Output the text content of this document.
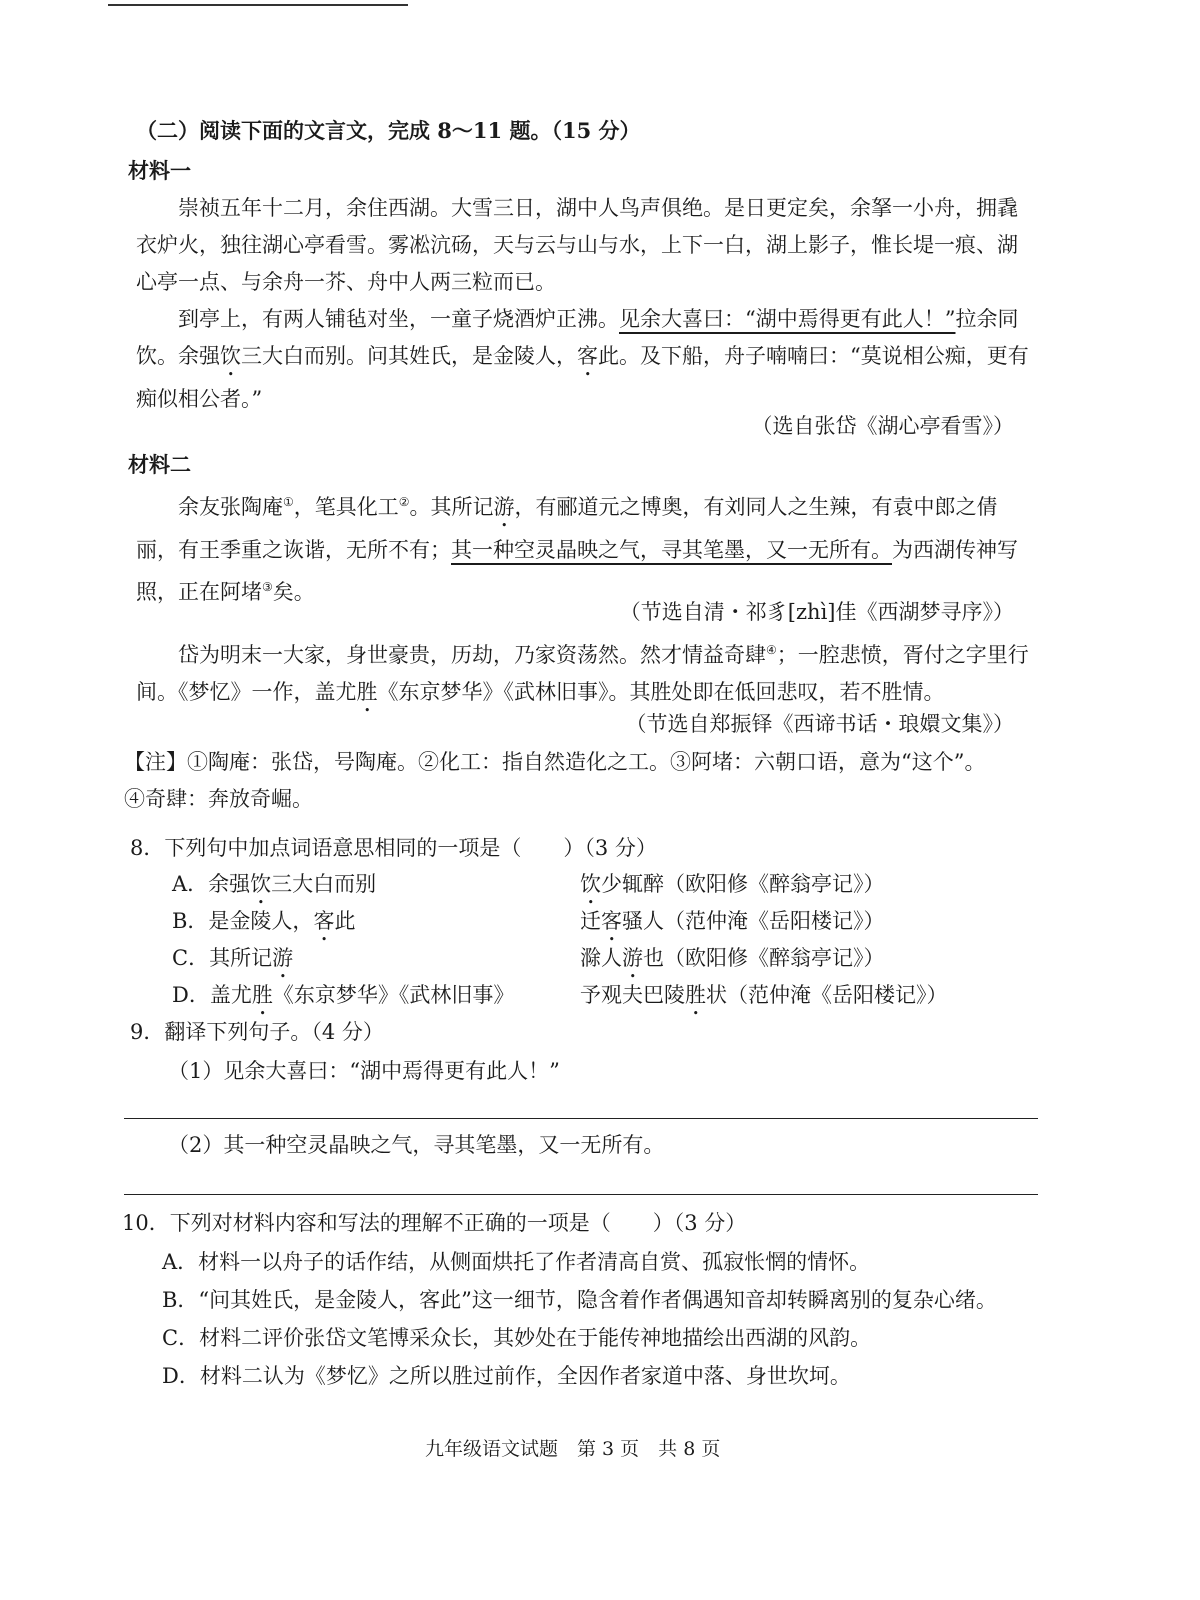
（二）阅读下面的文言文，完成 8～11 题。（15 分）
材料一
崇祯五年十二月，余住西湖。大雪三日，湖中人鸟声俱绝。是日更定矣，余拏一小舟，拥毳衣炉火，独往湖心亭看雪。雾凇沆砀，天与云与山与水，上下一白，湖上影子，惟长堤一痕、湖心亭一点、与余舟一芥、舟中人两三粒而已。
到亭上，有两人铺毡对坐，一童子烧酒炉正沸。见余大喜曰：“湖中焉得更有此人！”拉余同饮。余强饮三大白而别。问其姓氏，是金陵人，客此。及下船，舟子喃喃曰：“莫说相公痴，更有痴似相公者。”
（选自张岱《湖心亭看雪》）
材料二
余友张陶庵①，笔具化工②。其所记游，有郦道元之博奥，有刘同人之生辣，有袁中郎之倩丽，有王季重之诙谐，无所不有；其一种空灵晶映之气，寻其笔墨，又一无所有。为西湖传神写照，正在阿堵③矣。
（节选自清・祁豸[zhì]佳《西湖梦寻序》）
岱为明末一大家，身世豪贵，历劫，乃家资荡然。然才情益奇肆④；一腔悲愤，胥付之字里行间。《梦忆》一作，盖尤胜《东京梦华》《武林旧事》。其胜处即在低回悲叹，若不胜情。
（节选自郑振铎《西谛书话・琅嬛文集》）
【注】①陶庵：张岱，号陶庵。②化工：指自然造化之工。③阿堵：六朝口语，意为“这个”。
④奇肆：奔放奇崛。
8．下列句中加点词语意思相同的一项是（　　）（3 分）
A．余强饮三大白而别	饮少辄醉（欧阳修《醉翁亭记》）
B．是金陵人，客此	迁客骚人（范仲淹《岳阳楼记》）
C．其所记游	滁人游也（欧阳修《醉翁亭记》）
D．盖尤胜《东京梦华》《武林旧事》	予观夫巴陵胜状（范仲淹《岳阳楼记》）
9．翻译下列句子。（4 分）
（1）见余大喜曰：“湖中焉得更有此人！”
（2）其一种空灵晶映之气，寻其笔墨，又一无所有。
10．下列对材料内容和写法的理解不正确的一项是（　　）（3 分）
A．材料一以舟子的话作结，从侧面烘托了作者清高自赏、孤寂怅惘的情怀。
B．“问其姓氏，是金陵人，客此”这一细节，隐含着作者偶遇知音却转瞬离别的复杂心绪。
C．材料二评价张岱文笔博采众长，其妙处在于能传神地描绘出西湖的风韵。
D．材料二认为《梦忆》之所以胜过前作，全因作者家道中落、身世坎坷。
九年级语文试题　第 3 页　共 8 页
